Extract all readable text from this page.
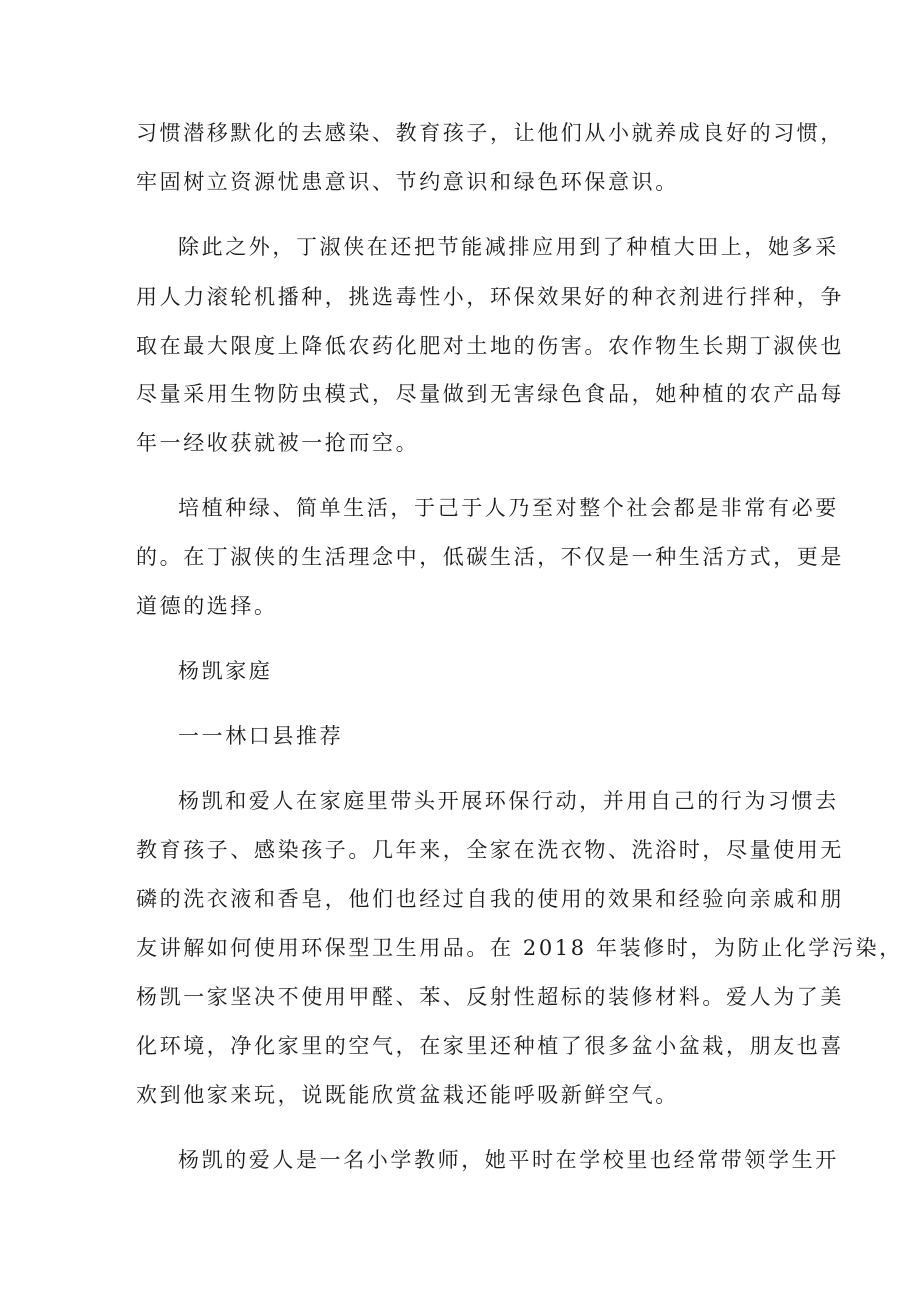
习惯潜移默化的去感染、教育孩子，让他们从小就养成良好的习惯，

牢固树立资源忧患意识、节约意识和绿色环保意识。

除此之外，丁淑侠在还把节能减排应用到了种植大田上，她多采

用人力滚轮机播种，挑选毒性小，环保效果好的种衣剂进行拌种，争

取在最大限度上降低农药化肥对土地的伤害。农作物生长期丁淑侠也

尽量采用生物防虫模式，尽量做到无害绿色食品，她种植的农产品每

年一经收获就被一抢而空。

培植种绿、简单生活，于己于人乃至对整个社会都是非常有必要

的。在丁淑侠的生活理念中，低碳生活，不仅是一种生活方式，更是

道德的选择。

杨凯家庭

一一林口县推荐

杨凯和爱人在家庭里带头开展环保行动，并用自己的行为习惯去

教育孩子、感染孩子。几年来，全家在洗衣物、洗浴时，尽量使用无

磷的洗衣液和香皂，他们也经过自我的使用的效果和经验向亲戚和朋

友讲解如何使用环保型卫生用品。在 2018 年装修时，为防止化学污染，

杨凯一家坚决不使用甲醛、苯、反射性超标的装修材料。爱人为了美

化环境，净化家里的空气，在家里还种植了很多盆小盆栽，朋友也喜

欢到他家来玩，说既能欣赏盆栽还能呼吸新鲜空气。

杨凯的爱人是一名小学教师，她平时在学校里也经常带领学生开
